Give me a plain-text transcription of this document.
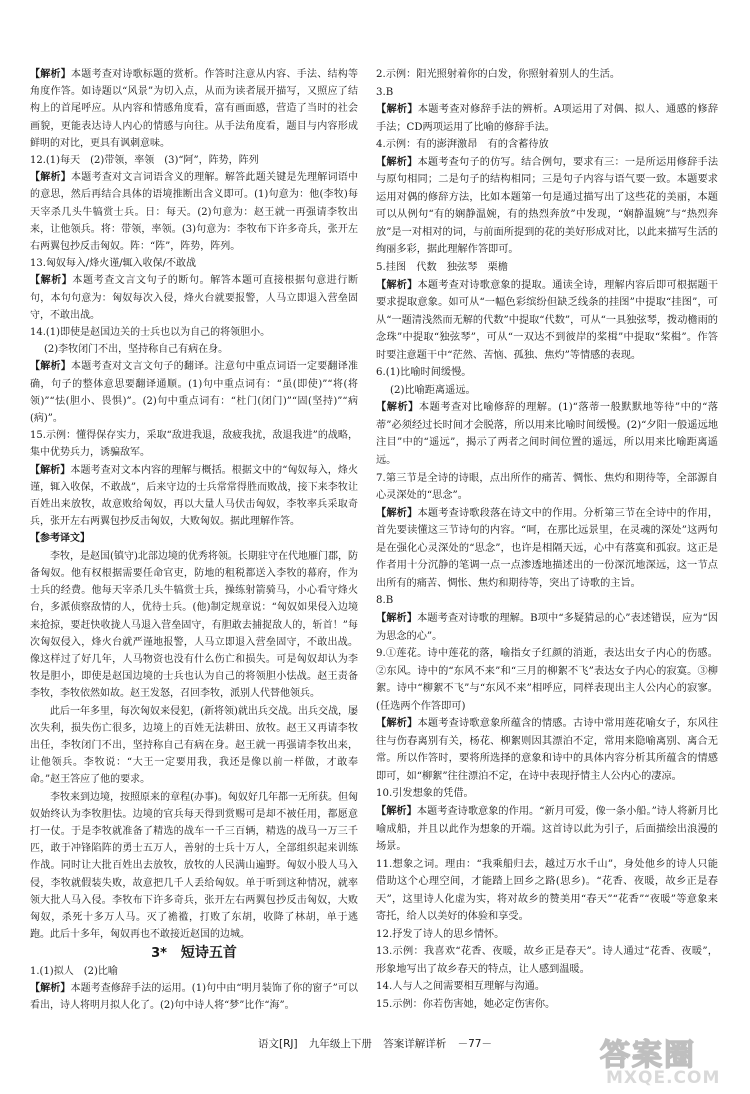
【解析】本题考查对诗歌标题的赏析。作答时注意从内容、手法、结构等角度作答。如诗题以“风景”为切入点，从而为读者展开描写，又照应了结构上的首尾呼应。从内容和情感角度看，富有画面感，营造了当时的社会画貌，更能表达诗人内心的情感与向往。从手法角度看，题目与内容形成鲜明的对比，更具有讽刺意味。

12.(1)每天　(2)带领，率领　(3)“阿”，阵势，阵列

【解析】本题考查对文言词语含义的理解。解答此题关键是先理解词语中的意思，然后再结合具体的语境推断出含义即可。(1)句意为：他(李牧)每天宰杀几头牛犒赏士兵。日：每天。(2)句意为：赵王就一再强请李牧出来，让他领兵。将：带领，率领。(3)句意为：李牧布下许多奇兵，张开左右两翼包抄反击匈奴。阵：“阵”，阵势，阵列。

13.匈奴每入/烽火谨/辄入收保/不敢战

【解析】本题考查文言文句子的断句。解答本题可直接根据句意进行断句，本句句意为：匈奴每次入侵，烽火台就要报警，人马立即退入营垒固守，不敢出战。

14.(1)即使是赵国边关的士兵也以为自己的将领胆小。

(2)李牧闭门不出，坚持称自己有病在身。

【解析】本题考查对文言文句子的翻译。注意句中重点词语一定要翻译准确，句子的整体意思要翻译通顺。(1)句中重点词有：“虽(即使)”“将(将领)”“怯(胆小、畏惧)”。(2)句中重点词有：“杜门(闭门)”“固(坚持)”“病(病)”。

15.示例：懂得保存实力，采取“敌进我退，敌疲我扰，敌退我进”的战略，集中优势兵力，诱骗敌军。

【解析】本题考查对文本内容的理解与概括。根据文中的“匈奴每入，烽火谨，辄入收保，不敢战”，后来守边的士兵常常得胜而败战，接下来李牧让百姓出来放牧，故意败给匈奴，再以大量人马伏击匈奴，李牧率兵采取奇兵，张开左右两翼包抄反击匈奴，大败匈奴。据此理解作答。

【参考译文】

李牧，是赵国(镇守)北部边境的优秀将领。长期驻守在代地雁门郡，防备匈奴。他有权根据需要任命官吏，防地的租税都送入李牧的幕府，作为士兵的经费。他每天宰杀几头牛犒赏士兵，操练射箭骑马，小心看守烽火台，多派侦察敌情的人，优待士兵。(他)制定规章说：“匈奴如果侵入边境来抢掠，要赶快收拢人马退入营垒固守，有胆敢去捕捉敌人的，斩首！”每次匈奴侵入，烽火台就严谨地报警，人马立即退入营垒固守，不敢出战。像这样过了好几年，人马物资也没有什么伤亡和损失。可是匈奴却认为李牧是胆小，即使是赵国边境的士兵也认为自己的将领胆小怯战。赵王责备李牧，李牧依然如故。赵王发怒，召回李牧，派别人代替他领兵。

此后一年多里，每次匈奴来侵犯，(新将领)就出兵交战。出兵交战，屡次失利，损失伤亡很多，边境上的百姓无法耕田、放牧。赵王又再请李牧出任，李牧闭门不出，坚持称自己有病在身。赵王就一再强请李牧出来，让他领兵。李牧说：“大王一定要用我，我还是像以前一样做，才敢奉命。”赵王答应了他的要求。

李牧来到边境，按照原来的章程(办事)。匈奴好几年都一无所获。但匈奴始终认为李牧胆怯。边境的官兵每天得到赏赐可是却不被任用，都愿意打一仗。于是李牧就准备了精选的战车一千三百辆，精选的战马一万三千匹，敢于冲锋陷阵的勇士五万人，善射的士兵十万人，全部组织起来训练作战。同时让大批百姓出去放牧，放牧的人民满山遍野。匈奴小股人马入侵，李牧就假装失败，故意把几千人丢给匈奴。单于听到这种情况，就率领大批人马入侵。李牧布下许多奇兵，张开左右两翼包抄反击匈奴，大败匈奴，杀死十多万人马。灭了襜褴，打败了东胡，收降了林胡，单于逃跑。此后十多年，匈奴再也不敢接近赵国的边城。

3* 短诗五首

1.(1)拟人　(2)比喻

【解析】本题考查修辞手法的运用。(1)句中由“明月装饰了你的窗子”可以看出，诗人将明月拟人化了。(2)句中诗人将“梦”比作“海”。

2.示例：阳光照射着你的白发，你照射着别人的生活。

3.B

【解析】本题考查对修辞手法的辨析。A项运用了对偶、拟人、通感的修辞手法；CD两项运用了比喻的修辞手法。

4.示例：有的澎湃激昂　有的含蓄待放

【解析】本题考查句子的仿写。结合例句，要求有三：一是所运用修辞手法与原句相同；二是句子的结构相同；三是句子内容与语气要一致。本题要求运用对偶的修辞方法，比如本题第一句是通过描写出了这些花的美丽，本题可以从例句“有的娴静温婉，有的热烈奔放”中发现，“娴静温婉”与“热烈奔放”是一对相对的词，与前面所提到的花的美好形成对比，以此来描写生活的绚丽多彩，据此理解作答即可。

5.挂图　代数　独弦琴　栗檐

【解析】本题考查对诗歌意象的提取。通读全诗，理解内容后即可根据题干要求提取意象。如可从“一幅色彩缤纷但缺乏线条的挂图”中提取“挂图”，可从“一题清浅然而无解的代数”中提取“代数”，可从“一具独弦琴，拨动檐雨的念珠”中提取“独弦琴”，可从“一双达不到彼岸的桨楫”中提取“桨楫”。作答时要注意题干中“茫然、苦恼、孤独、焦灼”等情感的表现。

6.(1)比喻时间缓慢。

(2)比喻距离遥远。

【解析】本题考查对比喻修辞的理解。(1)“落蒂一般默默地等待”中的“落蒂”必须经过长时间才会脱落，所以用来比喻时间缓慢。(2)“夕阳一般遥远地注目”中的“遥远”，揭示了两者之间时间位置的遥远，所以用来比喻距离遥远。

7.第三节是全诗的诗眼，点出所作的痛苦、惆怅、焦灼和期待等，全部源自心灵深处的“思念”。

【解析】本题考查诗歌段落在诗文中的作用。分析第三节在全诗中的作用，首先要读懂这三节诗句的内容。“呵，在那比远景里，在灵魂的深处”这两句是在强化心灵深处的“思念”，也许是相隔天远，心中有落寞和孤寂。这正是作者用十分沉静的笔调一点一点渗透地描述出的一份深沉地深远，这一节点出所有的痛苦、惆怅、焦灼和期待等，突出了诗歌的主旨。

8.B

【解析】本题考查对诗歌的理解。B项中“多疑猜忌的心”表述错误，应为“因为思念的心”。

9.①莲花。诗中莲花的落，喻指女子红颜的消逝，表达出女子内心的伤感。②东风。诗中的“东风不来”和“三月的柳絮不飞”表达女子内心的寂寞。③柳絮。诗中“柳絮不飞”与“东风不来”相呼应，同样表现出主人公内心的寂寥。(任选两个作答即可)

【解析】本题考查诗歌意象所蕴含的情感。古诗中常用莲花喻女子，东风往往与伤春离别有关，杨花、柳絮则因其漂泊不定，常用来隐喻离别、离合无常。所以作答时，要将所选择的意象和诗中的具体内容分析其所蕴含的情感即可，如“柳絮”往往漂泊不定，在诗中表现抒情主人公内心的凄凉。

10.引发想象的凭借。

【解析】本题考查诗歌意象的作用。“新月可爱，像一条小船。”诗人将新月比喻成船，并且以此作为想象的开端。这首诗以此为引子，后面描绘出浪漫的场景。

11.想象之词。理由：“我乘船归去，越过万水千山”，身处他乡的诗人只能借助这个心理空间，才能踏上回乡之路(思乡)。“花香、夜暖，故乡正是春天”，这里诗人化虚为实，将对故乡的赞美用“春天”“花香”“夜暖”等意象来寄托，给人以美好的体验和享受。

12.抒发了诗人的思乡情怀。

13.示例：我喜欢“花香、夜暖，故乡正是春天”。诗人通过“花香、夜暖”，形象地写出了故乡春天的特点，让人感到温暖。

14.人与人之间需要相互理解与沟通。

15.示例：你若伤害她，她必定伤害你。

语文[RJ] 九年级上下册 答案详解详析 －77－	答案圈
MXQE.COM
